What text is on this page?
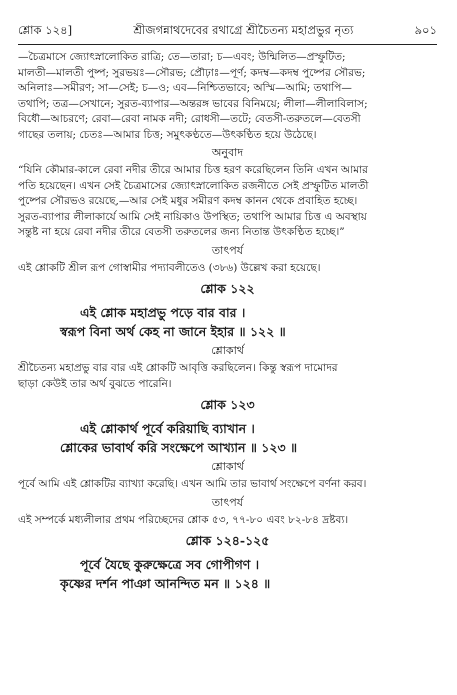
শ্লোক ১২৪]	শ্রীজগন্নাথদেবের রথাগ্রে শ্রীচৈতন্য মহাপ্রভুর নৃত্য	৯০১

—চৈত্রমাসে জ্যোৎস্নালোকিত রাত্রি; তে—তারা; চ—এবং; উন্মিলিত—প্রস্ফুটিত;

মালতী—মালতী পুষ্প; সুরভয়ঃ—সৌরভ; প্রৌঢ়াঃ—পূর্ণ; কদম্ব—কদম্ব পুষ্পের সৌরভ;

অনিলাঃ—সমীরণ; সা—সেই; চ—ও; এব—নিশ্চিতভাবে; অস্মি—আমি; তথাপি—

তথাপি; তত্র—সেখানে; সুরত-ব্যাপার—অন্তরঙ্গ ভাবের বিনিময়ে; লীলা—লীলাবিলাস;

বিধৌ—আচরণে; রেবা—রেবা নামক নদী; রোধসী—তটে; বেতসী-তরুতলে—বেতসী

গাছের তলায়; চেতঃ—আমার চিত্ত; সমুৎকণ্ঠতে—উৎকণ্ঠিত হয়ে উঠেছে।

অনুবাদ

“যিনি কৌমার-কালে রেবা নদীর তীরে আমার চিত্ত হরণ করেছিলেন তিনি এখন আমার

পতি হয়েছেন। এখন সেই চৈত্রমাসের জ্যোৎস্নালোকিত রজনীতে সেই প্রস্ফুটিত মালতী

পুষ্পের সৌরভও রয়েছে,—আর সেই মধুর সমীরণ কদম্ব কানন থেকে প্রবাহিত হচ্ছে।

সুরত-ব্যাপার লীলাকার্যে আমি সেই নায়িকাও উপস্থিত; তথাপি আমার চিত্ত এ অবস্থায়

সন্তুষ্ট না হয়ে রেবা নদীর তীরে বেতসী তরুতলের জন্য নিতান্ত উৎকণ্ঠিত হচ্ছে।”

তাৎপর্য

এই শ্লোকটি শ্রীল রূপ গোস্বামীর পদ্যাবলীতেও (৩৮৬) উল্লেখ করা হয়েছে।

শ্লোক ১২২

এই শ্লোক মহাপ্রভু পড়ে বার বার ।

স্বরূপ বিনা অর্থ কেহ না জানে ইহার ॥ ১২২ ॥

শ্লোকার্থ

শ্রীচৈতন্য মহাপ্রভু বার বার এই শ্লোকটি আবৃত্তি করছিলেন। কিন্তু স্বরূপ দামোদর

ছাড়া কেউই তার অর্থ বুঝতে পারেনি।

শ্লোক ১২৩

এই শ্লোকার্থ পূর্বে করিয়াছি ব্যাখান ।

শ্লোকের ভাবার্থ করি সংক্ষেপে আখ্যান ॥ ১২৩ ॥

শ্লোকার্থ

পূর্বে আমি এই শ্লোকটির ব্যাখ্যা করেছি। এখন আমি তার ভাবার্থ সংক্ষেপে বর্ণনা করব।

তাৎপর্য

এই সম্পর্কে মধ্যলীলার প্রথম পরিচ্ছেদের শ্লোক ৫৩, ৭৭-৮০ এবং ৮২-৮৪ দ্রষ্টব্য।

শ্লোক ১২৪-১২৫

পূর্বে যৈছে কুরুক্ষেত্রে সব গোপীগণ ।

কৃষ্ণের দর্শন পাঞা আনন্দিত মন ॥ ১২৪ ॥
